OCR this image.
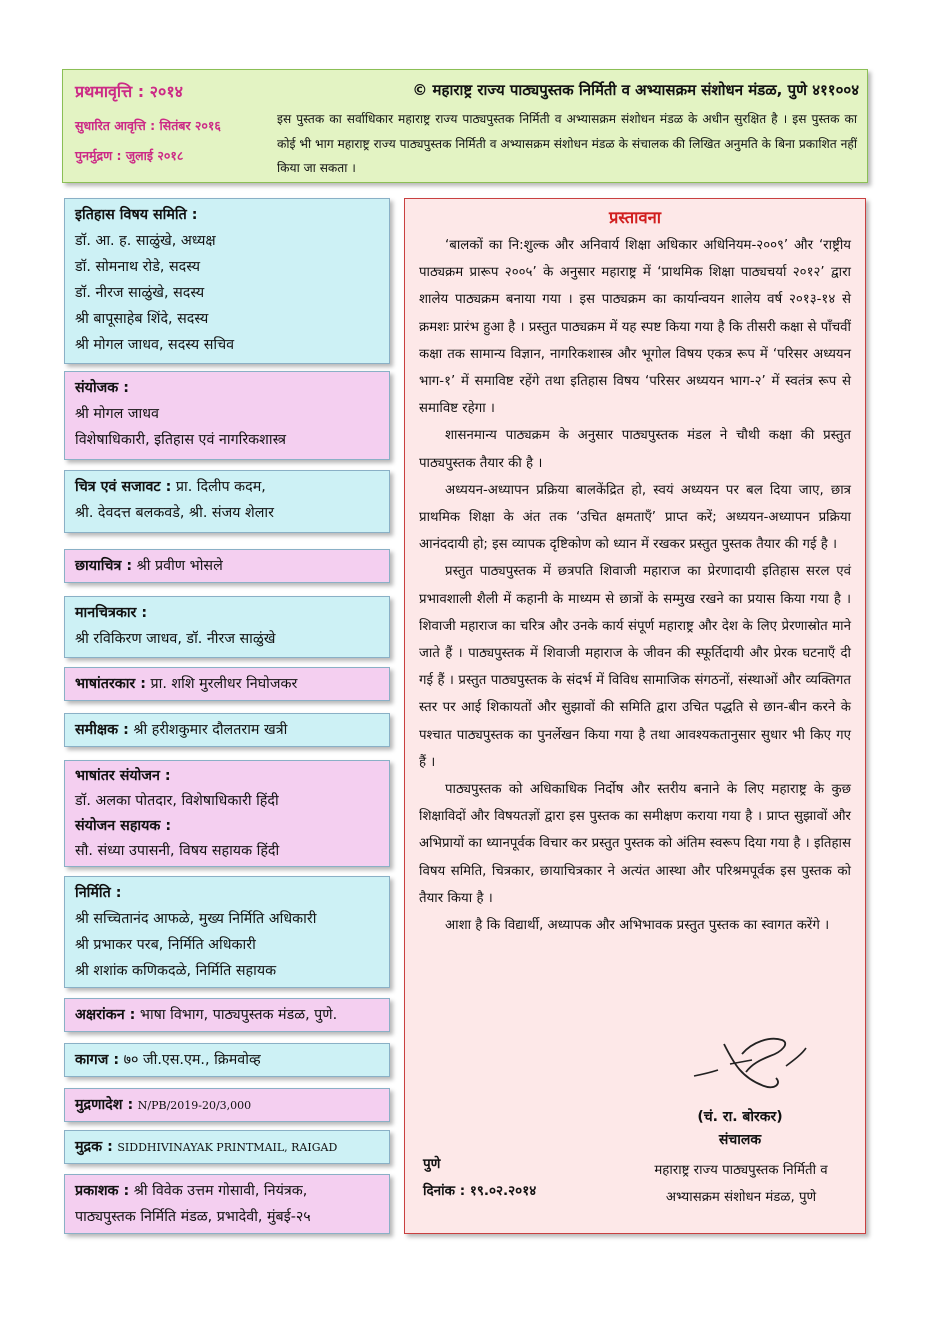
प्रथमावृत्ति : २०१४
सुधारित आवृत्ति : सितंबर २०१६
पुनर्मुद्रण : जुलाई २०१८
© महाराष्ट्र राज्य पाठ्यपुस्तक निर्मिती व अभ्यासक्रम संशोधन मंडळ, पुणे ४११००४
इस पुस्तक का सर्वाधिकार महाराष्ट्र राज्य पाठ्यपुस्तक निर्मिती व अभ्यासक्रम संशोधन मंडळ के अधीन सुरक्षित है । इस पुस्तक का कोई भी भाग महाराष्ट्र राज्य पाठ्यपुस्तक निर्मिती व अभ्यासक्रम संशोधन मंडळ के संचालक की लिखित अनुमति के बिना प्रकाशित नहीं किया जा सकता ।
इतिहास विषय समिति :
डॉ. आ. ह. साळुंखे, अध्यक्ष
डॉ. सोमनाथ रोडे, सदस्य
डॉ. नीरज साळुंखे, सदस्य
श्री बापूसाहेब शिंदे, सदस्य
श्री मोगल जाधव, सदस्य सचिव
संयोजक :
श्री मोगल जाधव
विशेषाधिकारी, इतिहास एवं नागरिकशास्त्र
चित्र एवं सजावट : प्रा. दिलीप कदम,
श्री. देवदत्त बलकवडे, श्री. संजय शेलार
छायाचित्र : श्री प्रवीण भोसले
मानचित्रकार :
श्री रविकिरण जाधव, डॉ. नीरज साळुंखे
भाषांतरकार : प्रा. शशि मुरलीधर निघोजकर
समीक्षक : श्री हरीशकुमार दौलतराम खत्री
भाषांतर संयोजन :
डॉ. अलका पोतदार, विशेषाधिकारी हिंदी
संयोजन सहायक :
सौ. संध्या उपासनी, विषय सहायक हिंदी
निर्मिति :
श्री सच्चितानंद आफळे, मुख्य निर्मिति अधिकारी
श्री प्रभाकर परब, निर्मिति अधिकारी
श्री शशांक कणिकदळे, निर्मिति सहायक
अक्षरांकन : भाषा विभाग, पाठ्यपुस्तक मंडळ, पुणे.
कागज : ७० जी.एस.एम., क्रिमवोव्ह
मुद्रणादेश : N/PB/2019-20/3,000
मुद्रक : SIDDHIVINAYAK PRINTMAIL, RAIGAD
प्रकाशक : श्री विवेक उत्तम गोसावी, नियंत्रक,
पाठ्यपुस्तक निर्मिति मंडळ, प्रभादेवी, मुंबई-२५
प्रस्तावना

‘बालकों का नि:शुल्क और अनिवार्य शिक्षा अधिकार अधिनियम-२००९’ और ‘राष्ट्रीय पाठ्यक्रम प्रारूप २००५’ के अनुसार महाराष्ट्र में ‘प्राथमिक शिक्षा पाठ्यचर्या २०१२’ द्वारा शालेय पाठ्यक्रम बनाया गया । इस पाठ्यक्रम का कार्यान्वयन शालेय वर्ष २०१३-१४ से क्रमशः प्रारंभ हुआ है । प्रस्तुत पाठ्यक्रम में यह स्पष्ट किया गया है कि तीसरी कक्षा से पाँचवीं कक्षा तक सामान्य विज्ञान, नागरिकशास्त्र और भूगोल विषय एकत्र रूप में ‘परिसर अध्ययन भाग-१’ में समाविष्ट रहेंगे तथा इतिहास विषय ‘परिसर अध्ययन भाग-२’ में स्वतंत्र रूप से समाविष्ट रहेगा ।

शासनमान्य पाठ्यक्रम के अनुसार पाठ्यपुस्तक मंडल ने चौथी कक्षा की प्रस्तुत पाठ्यपुस्तक तैयार की है ।

अध्ययन-अध्यापन प्रक्रिया बालकेंद्रित हो, स्वयं अध्ययन पर बल दिया जाए, छात्र प्राथमिक शिक्षा के अंत तक ‘उचित क्षमताएँ’ प्राप्त करें; अध्ययन-अध्यापन प्रक्रिया आनंददायी हो; इस व्यापक दृष्टिकोण को ध्यान में रखकर प्रस्तुत पुस्तक तैयार की गई है ।

प्रस्तुत पाठ्यपुस्तक में छत्रपति शिवाजी महाराज का प्रेरणादायी इतिहास सरल एवं प्रभावशाली शैली में कहानी के माध्यम से छात्रों के सम्मुख रखने का प्रयास किया गया है । शिवाजी महाराज का चरित्र और उनके कार्य संपूर्ण महाराष्ट्र और देश के लिए प्रेरणास्रोत माने जाते हैं । पाठ्यपुस्तक में शिवाजी महाराज के जीवन की स्फूर्तिदायी और प्रेरक घटनाएँ दी गई हैं । प्रस्तुत पाठ्यपुस्तक के संदर्भ में विविध सामाजिक संगठनों, संस्थाओं और व्यक्तिगत स्तर पर आई शिकायतों और सुझावों की समिति द्वारा उचित पद्धति से छान-बीन करने के पश्चात पाठ्यपुस्तक का पुनर्लेखन किया गया है तथा आवश्यकतानुसार सुधार भी किए गए हैं ।

पाठ्यपुस्तक को अधिकाधिक निर्दोष और स्तरीय बनाने के लिए महाराष्ट्र के कुछ शिक्षाविदों और विषयतज्ञों द्वारा इस पुस्तक का समीक्षण कराया गया है । प्राप्त सुझावों और अभिप्रायों का ध्यानपूर्वक विचार कर प्रस्तुत पुस्तक को अंतिम स्वरूप दिया गया है । इतिहास विषय समिति, चित्रकार, छायाचित्रकार ने अत्यंत आस्था और परिश्रमपूर्वक इस पुस्तक को तैयार किया है ।

आशा है कि विद्यार्थी, अध्यापक और अभिभावक प्रस्तुत पुस्तक का स्वागत करेंगे ।

(चं. रा. बोरकर)
संचालक
पुणे
दिनांक : १९.०२.२०१४
महाराष्ट्र राज्य पाठ्यपुस्तक निर्मिती व
अभ्यासक्रम संशोधन मंडळ, पुणे
